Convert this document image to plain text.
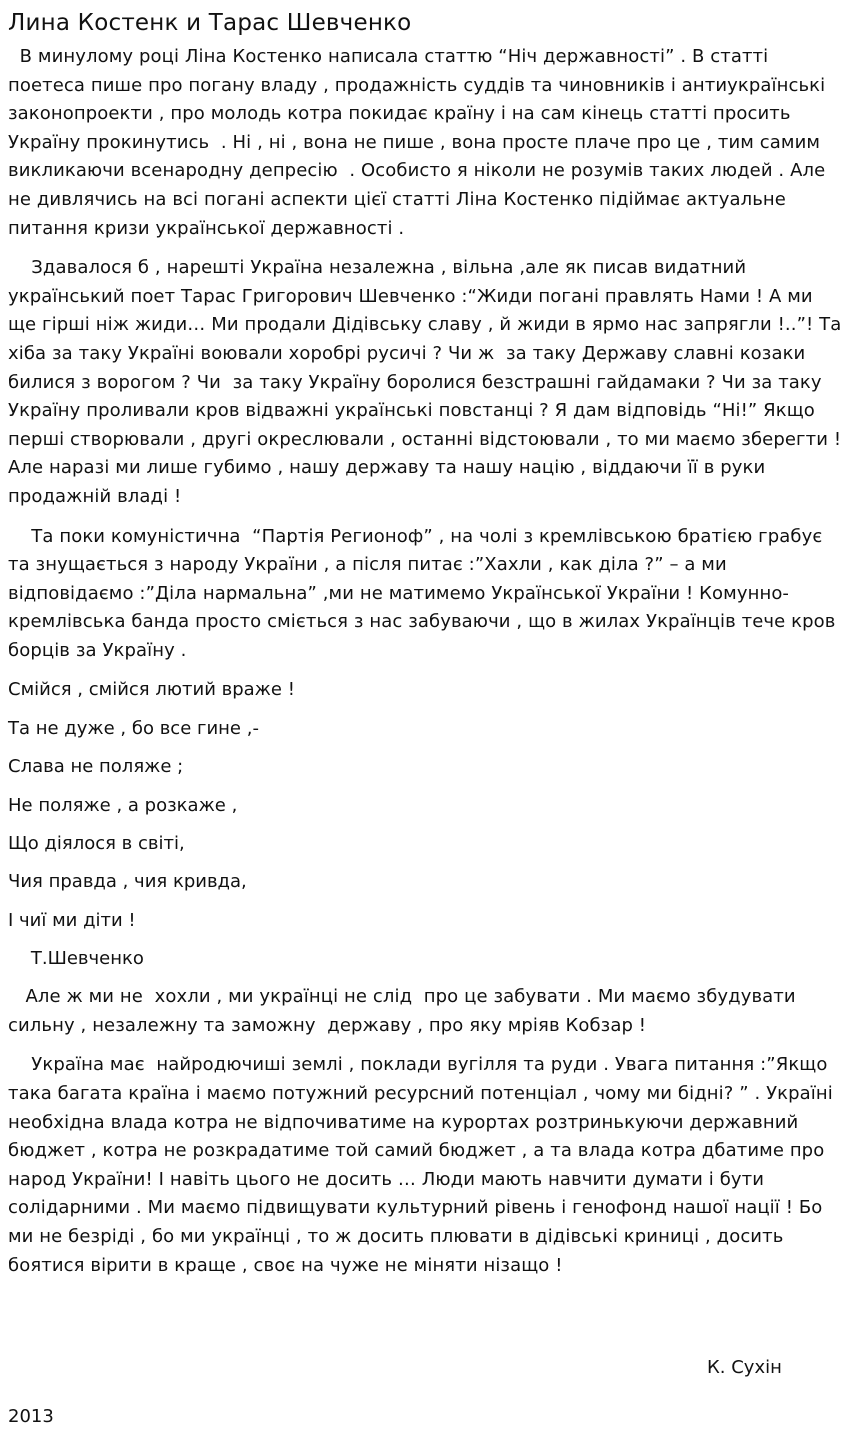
Лина Костенк и Тарас Шевченко

В минулому році Ліна Костенко написала статтю “Ніч державності” . В статті поетеса пише про погану владу , продажність суддів та чиновників і антиукраїнські законопроекти , про молодь котра покидає країну і на сам кінець статті просить Україну прокинутись  . Ні , ні , вона не пише , вона просте плаче про це , тим самим викликаючи всенародну депресію  . Особисто я ніколи не розумів таких людей . Але не дивлячись на всі погані аспекти цієї статті Ліна Костенко підіймає актуальне питання кризи української державності .

Здавалося б , нарешті Україна незалежна , вільна ,але як писав видатний український поет Тарас Григорович Шевченко :“Жиди погані правлять Нами ! А ми ще гірші ніж жиди… Ми продали Дідівську славу , й жиди в ярмо нас запрягли !..”! Та хіба за таку Україні воювали хоробрі русичі ? Чи ж  за таку Державу славні козаки билися з ворогом ? Чи  за таку Україну боролися безстрашні гайдамаки ? Чи за таку Україну проливали кров відважні українські повстанці ? Я дам відповідь “Ні!” Якщо перші створювали , другі окреслювали , останні відстоювали , то ми маємо зберегти ! Але наразі ми лише губимо , нашу державу та нашу націю , віддаючи її в руки продажній владі !

Та поки комуністична  “Партія Регионоф” , на чолі з кремлівською братією грабує та знущається з народу України , а після питає :”Хахли , как діла ?” – а ми відповідаємо :”Діла нармальна” ,ми не матимемо Української України ! Комунно-кремлівська банда просто сміється з нас забуваючи , що в жилах Українців тече кров борців за Україну .

Смійся , смійся лютий враже !

Та не дуже , бо все гине ,-

Слава не поляже ;

Не поляже , а розкаже ,

Що діялося в світі,

Чия правда , чия кривда,

І чиї ми діти !

Т.Шевченко

Але ж ми не  хохли , ми українці не слід  про це забувати . Ми маємо збудувати сильну , незалежну та заможну  державу , про яку мріяв Кобзар !

Україна має  найродючиші землі , поклади вугілля та руди . Увага питання :”Якщо така багата країна і маємо потужний ресурсний потенціал , чому ми бідні? ” . Україні необхідна влада котра не відпочиватиме на курортах розтринькуючи державний бюджет , котра не розкрадатиме той самий бюджет , а та влада котра дбатиме про народ України! І навіть цього не досить … Люди мають навчити думати і бути солідарними . Ми маємо підвищувати культурний рівень і генофонд нашої нації ! Бо ми не безріді , бо ми українці , то ж досить плювати в дідівські криниці , досить боятися вірити в краще , своє на чуже не міняти нізащо !

К. Сухін

2013
